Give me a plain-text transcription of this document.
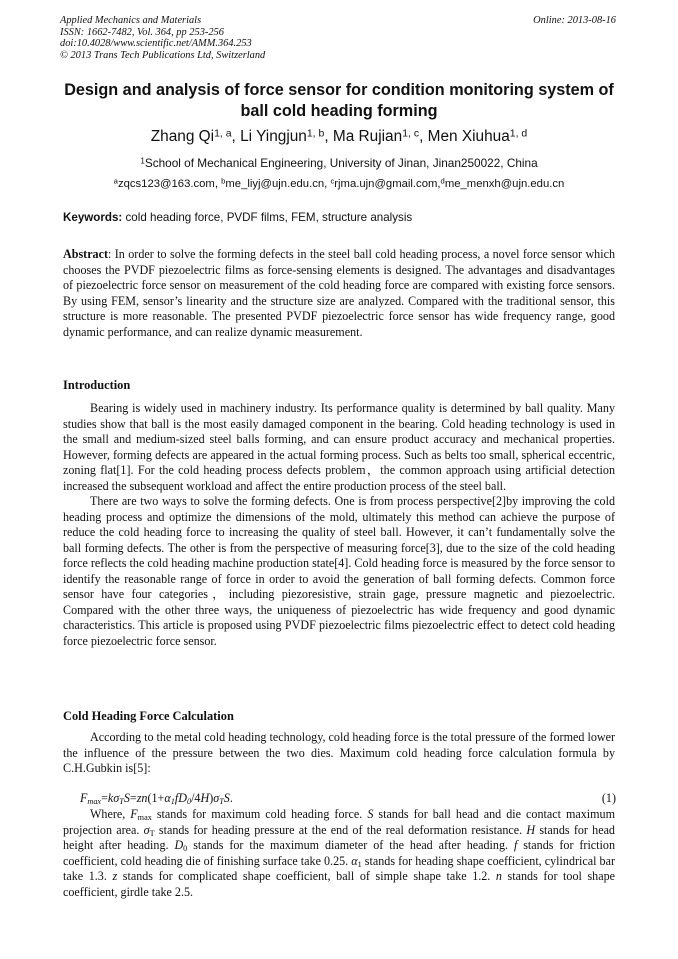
Applied Mechanics and Materials
ISSN: 1662-7482, Vol. 364, pp 253-256
doi:10.4028/www.scientific.net/AMM.364.253
© 2013 Trans Tech Publications Ltd, Switzerland
Online: 2013-08-16
Design and analysis of force sensor for condition monitoring system of ball cold heading forming
Zhang Qi$^{1, a}$, Li Yingjun$^{1, b}$, Ma Rujian$^{1, c}$, Men Xiuhua$^{1, d}$
$^1$School of Mechanical Engineering, University of Jinan, Jinan250022, China
$^a$zqcs123@163.com, $^b$me_liyj@ujn.edu.cn, $^c$rjma.ujn@gmail.com,$^d$me_menxh@ujn.edu.cn
Keywords: cold heading force, PVDF films, FEM, structure analysis
Abstract: In order to solve the forming defects in the steel ball cold heading process, a novel force sensor which chooses the PVDF piezoelectric films as force-sensing elements is designed. The advantages and disadvantages of piezoelectric force sensor on measurement of the cold heading force are compared with existing force sensors. By using FEM, sensor’s linearity and the structure size are analyzed. Compared with the traditional sensor, this structure is more reasonable. The presented PVDF piezoelectric force sensor has wide frequency range, good dynamic performance, and can realize dynamic measurement.
Introduction

Bearing is widely used in machinery industry. Its performance quality is determined by ball quality. Many studies show that ball is the most easily damaged component in the bearing. Cold heading technology is used in the small and medium-sized steel balls forming, and can ensure product accuracy and mechanical properties. However, forming defects are appeared in the actual forming process. Such as belts too small, spherical eccentric, zoning flat[1]. For the cold heading process defects problem，the common approach using artificial detection increased the subsequent workload and affect the entire production process of the steel ball.

There are two ways to solve the forming defects. One is from process perspective[2]by improving the cold heading process and optimize the dimensions of the mold, ultimately this method can achieve the purpose of reduce the cold heading force to increasing the quality of steel ball. However, it can’t fundamentally solve the ball forming defects. The other is from the perspective of measuring force[3], due to the size of the cold heading force reflects the cold heading machine production state[4]. Cold heading force is measured by the force sensor to identify the reasonable range of force in order to avoid the generation of ball forming defects. Common force sensor have four categories，including piezoresistive, strain gage, pressure magnetic and piezoelectric. Compared with the other three ways, the uniqueness of piezoelectric has wide frequency and good dynamic characteristics. This article is proposed using PVDF piezoelectric films piezoelectric effect to detect cold heading force piezoelectric force sensor.

Cold Heading Force Calculation

According to the metal cold heading technology, cold heading force is the total pressure of the formed lower the influence of the pressure between the two dies. Maximum cold heading force calculation formula by C.H.Gubkin is[5]:

$F_{max}=k\sigma_TS=zn(1+\alpha_1fD_0/4H)\sigma_TS$.	(1)

Where, $F_{max}$ stands for maximum cold heading force. S stands for ball head and die contact maximum projection area. $\sigma_T$ stands for heading pressure at the end of the real deformation resistance. H stands for head height after heading. $D_0$ stands for the maximum diameter of the head after heading. f stands for friction coefficient, cold heading die of finishing surface take 0.25. $\alpha_1$ stands for heading shape coefficient, cylindrical bar take 1.3. z stands for complicated shape coefficient, ball of simple shape take 1.2. n stands for tool shape coefficient, girdle take 2.5.
